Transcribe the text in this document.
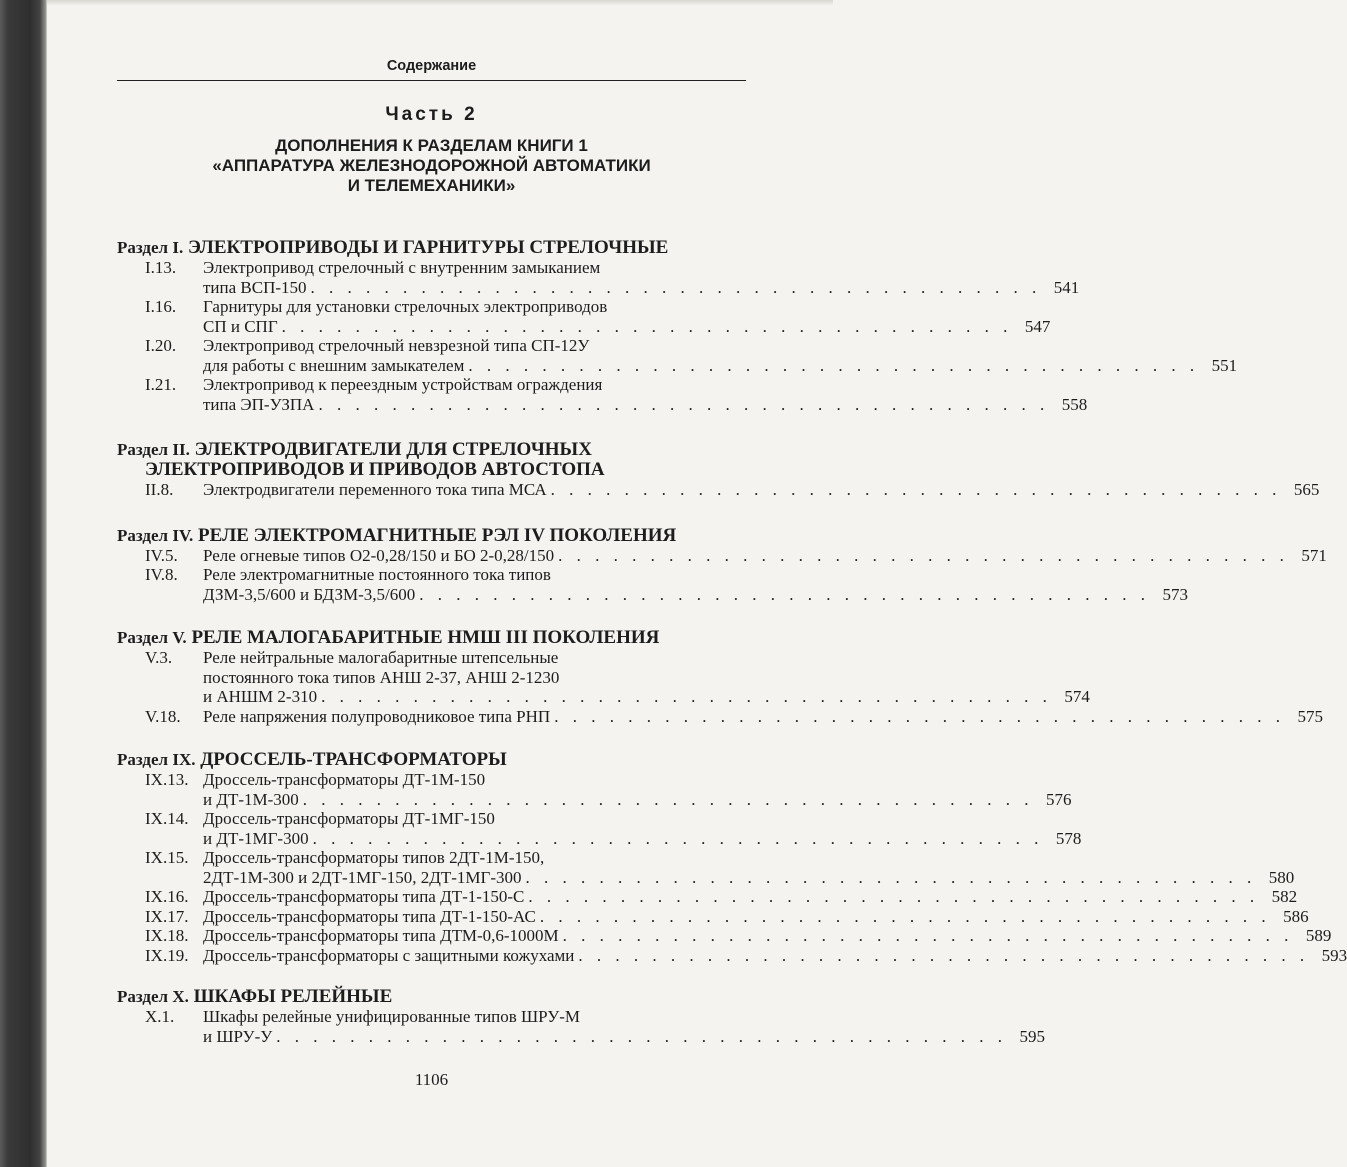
Содержание
Часть 2
ДОПОЛНЕНИЯ К РАЗДЕЛАМ КНИГИ 1
«АППАРАТУРА ЖЕЛЕЗНОДОРОЖНОЙ АВТОМАТИКИ
И ТЕЛЕМЕХАНИКИ»
Раздел I. ЭЛЕКТРОПРИВОДЫ И ГАРНИТУРЫ СТРЕЛОЧНЫЕ
I.13.	Электропривод стрелочный с внутренним замыканием
типа ВСП-150 . . . . . . . . . . . . . . . . . . . . . . . . . . . . . . . . . . . . . . . . 541
I.16.	Гарнитуры для установки стрелочных электроприводов
СП и СПГ . . . . . . . . . . . . . . . . . . . . . . . . . . . . . . . . . . . . . . . . 547
I.20.	Электропривод стрелочный невзрезной типа СП-12У
для работы с внешним замыкателем . . . . . . . . . . . . . . . . . . . . . . . . . . . . . . . . . . . . . . . . 551
I.21.	Электропривод к переездным устройствам ограждения
типа ЭП-УЗПА . . . . . . . . . . . . . . . . . . . . . . . . . . . . . . . . . . . . . . . . 558
Раздел II. ЭЛЕКТРОДВИГАТЕЛИ ДЛЯ СТРЕЛОЧНЫХ ЭЛЕКТРОПРИВОДОВ И ПРИВОДОВ АВТОСТОПА
II.8.	Электродвигатели переменного тока типа МСА . . . . . . . . . . . . . . . . . . . . . . . . . . . . . . . . . . . . . . . . 565
Раздел IV. РЕЛЕ ЭЛЕКТРОМАГНИТНЫЕ РЭЛ IV ПОКОЛЕНИЯ
IV.5.	Реле огневые типов О2-0,28/150 и БО 2-0,28/150 . . . . . . . . . . . . . . . . . . . . . . . . . . . . . . . . . . . . . . . . 571
IV.8.	Реле электромагнитные постоянного тока типов
ДЗМ-3,5/600 и БДЗМ-3,5/600 . . . . . . . . . . . . . . . . . . . . . . . . . . . . . . . . . . . . . . . . 573
Раздел V. РЕЛЕ МАЛОГАБАРИТНЫЕ НМШ III ПОКОЛЕНИЯ
V.3.	Реле нейтральные малогабаритные штепсельные
постоянного тока типов АНШ 2-37, АНШ 2-1230
и АНШМ 2-310 . . . . . . . . . . . . . . . . . . . . . . . . . . . . . . . . . . . . . . . . 574
V.18.	Реле напряжения полупроводниковое типа РНП . . . . . . . . . . . . . . . . . . . . . . . . . . . . . . . . . . . . . . . . 575
Раздел IX. ДРОССЕЛЬ-ТРАНСФОРМАТОРЫ
IX.13. Дроссель-трансформаторы ДТ-1М-150
и ДТ-1М-300 . . . . . . . . . . . . . . . . . . . . . . . . . . . . . . . . . . . . . . . . 576
IX.14. Дроссель-трансформаторы ДТ-1МГ-150
и ДТ-1МГ-300 . . . . . . . . . . . . . . . . . . . . . . . . . . . . . . . . . . . . . . . . 578
IX.15. Дроссель-трансформаторы типов 2ДТ-1М-150,
2ДТ-1М-300 и 2ДТ-1МГ-150, 2ДТ-1МГ-300 . . . . . . . . . . . . . . . . . . . . . . . . . . . . . . . . . . . . . . . . 580
IX.16. Дроссель-трансформаторы типа ДТ-1-150-С . . . . . . . . . . . . . . . . . . . . . . . . . . . . . . . . . . . . . . . . 582
IX.17. Дроссель-трансформаторы типа ДТ-1-150-АС . . . . . . . . . . . . . . . . . . . . . . . . . . . . . . . . . . . . . . . . 586
IX.18. Дроссель-трансформаторы типа ДТМ-0,6-1000М . . . . . . . . . . . . . . . . . . . . . . . . . . . . . . . . . . . . . . . . 589
IX.19. Дроссель-трансформаторы с защитными кожухами . . . . . . . . . . . . . . . . . . . . . . . . . . . . . . . . . . . . . . . . 593
Раздел X. ШКАФЫ РЕЛЕЙНЫЕ
X.1.	Шкафы релейные унифицированные типов ШРУ-М
и ШРУ-У . . . . . . . . . . . . . . . . . . . . . . . . . . . . . . . . . . . . . . . . 595
1106
